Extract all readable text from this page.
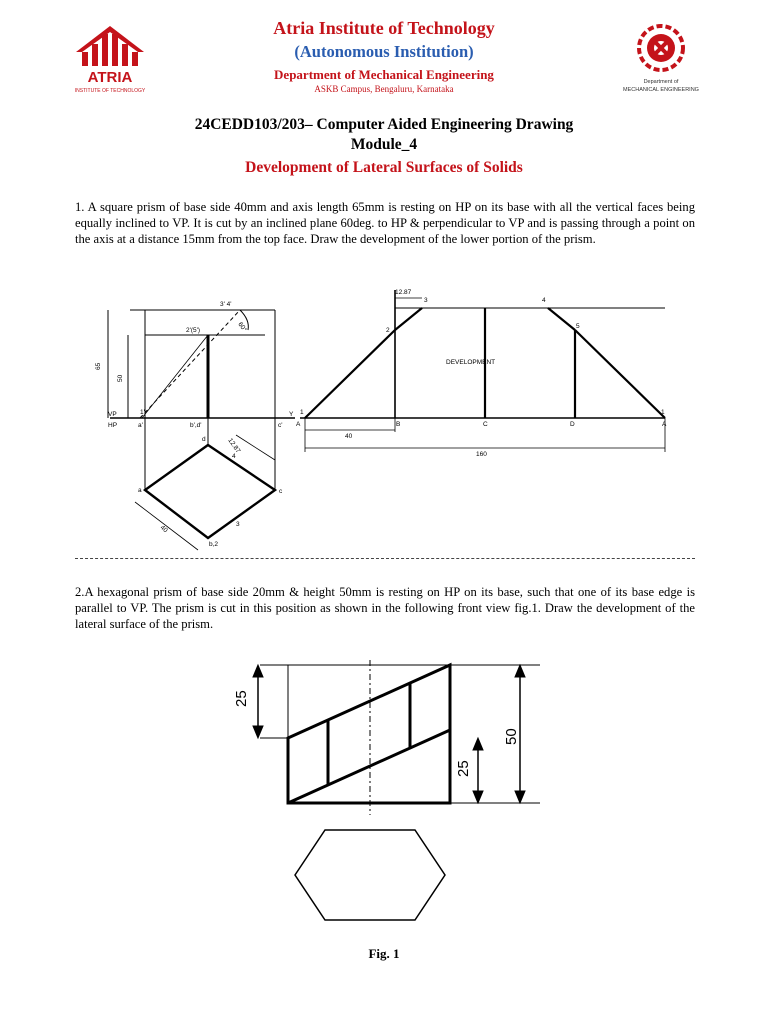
ATRIA
INSTITUTE OF TECHNOLOGY
Department of
MECHANICAL ENGINEERING
Atria Institute of Technology
(Autonomous Institution)
Department of Mechanical Engineering
ASKB Campus, Bengaluru, Karnataka
24CEDD103/203– Computer Aided Engineering Drawing
Module_4
Development of Lateral Surfaces of Solids
1. A square prism of base side 40mm and axis length 65mm is resting on HP on its base with all the vertical faces being equally inclined to VP. It is cut by an inclined plane 60deg. to HP & perpendicular to VP and is passing through a point on the axis at a distance 15mm from the top face. Draw the development of the lower portion of the prism.
65
50
VP
HP
3' 4'
2'(5')	60°
1'
a'	b',d'	c'
d
a	c
b,2
3
4
40
12.87
Y
DEVELOPMENT
12.87
1
2
3	4
5
1
A	B	C	D	A
40
160
2.A hexagonal prism of base side 20mm & height 50mm is resting on HP on its base, such that one of its base edge is parallel to VP. The prism is cut in this position as shown in the following front view fig.1. Draw the development of the lateral surface of the prism.
25
25
50
Fig. 1
